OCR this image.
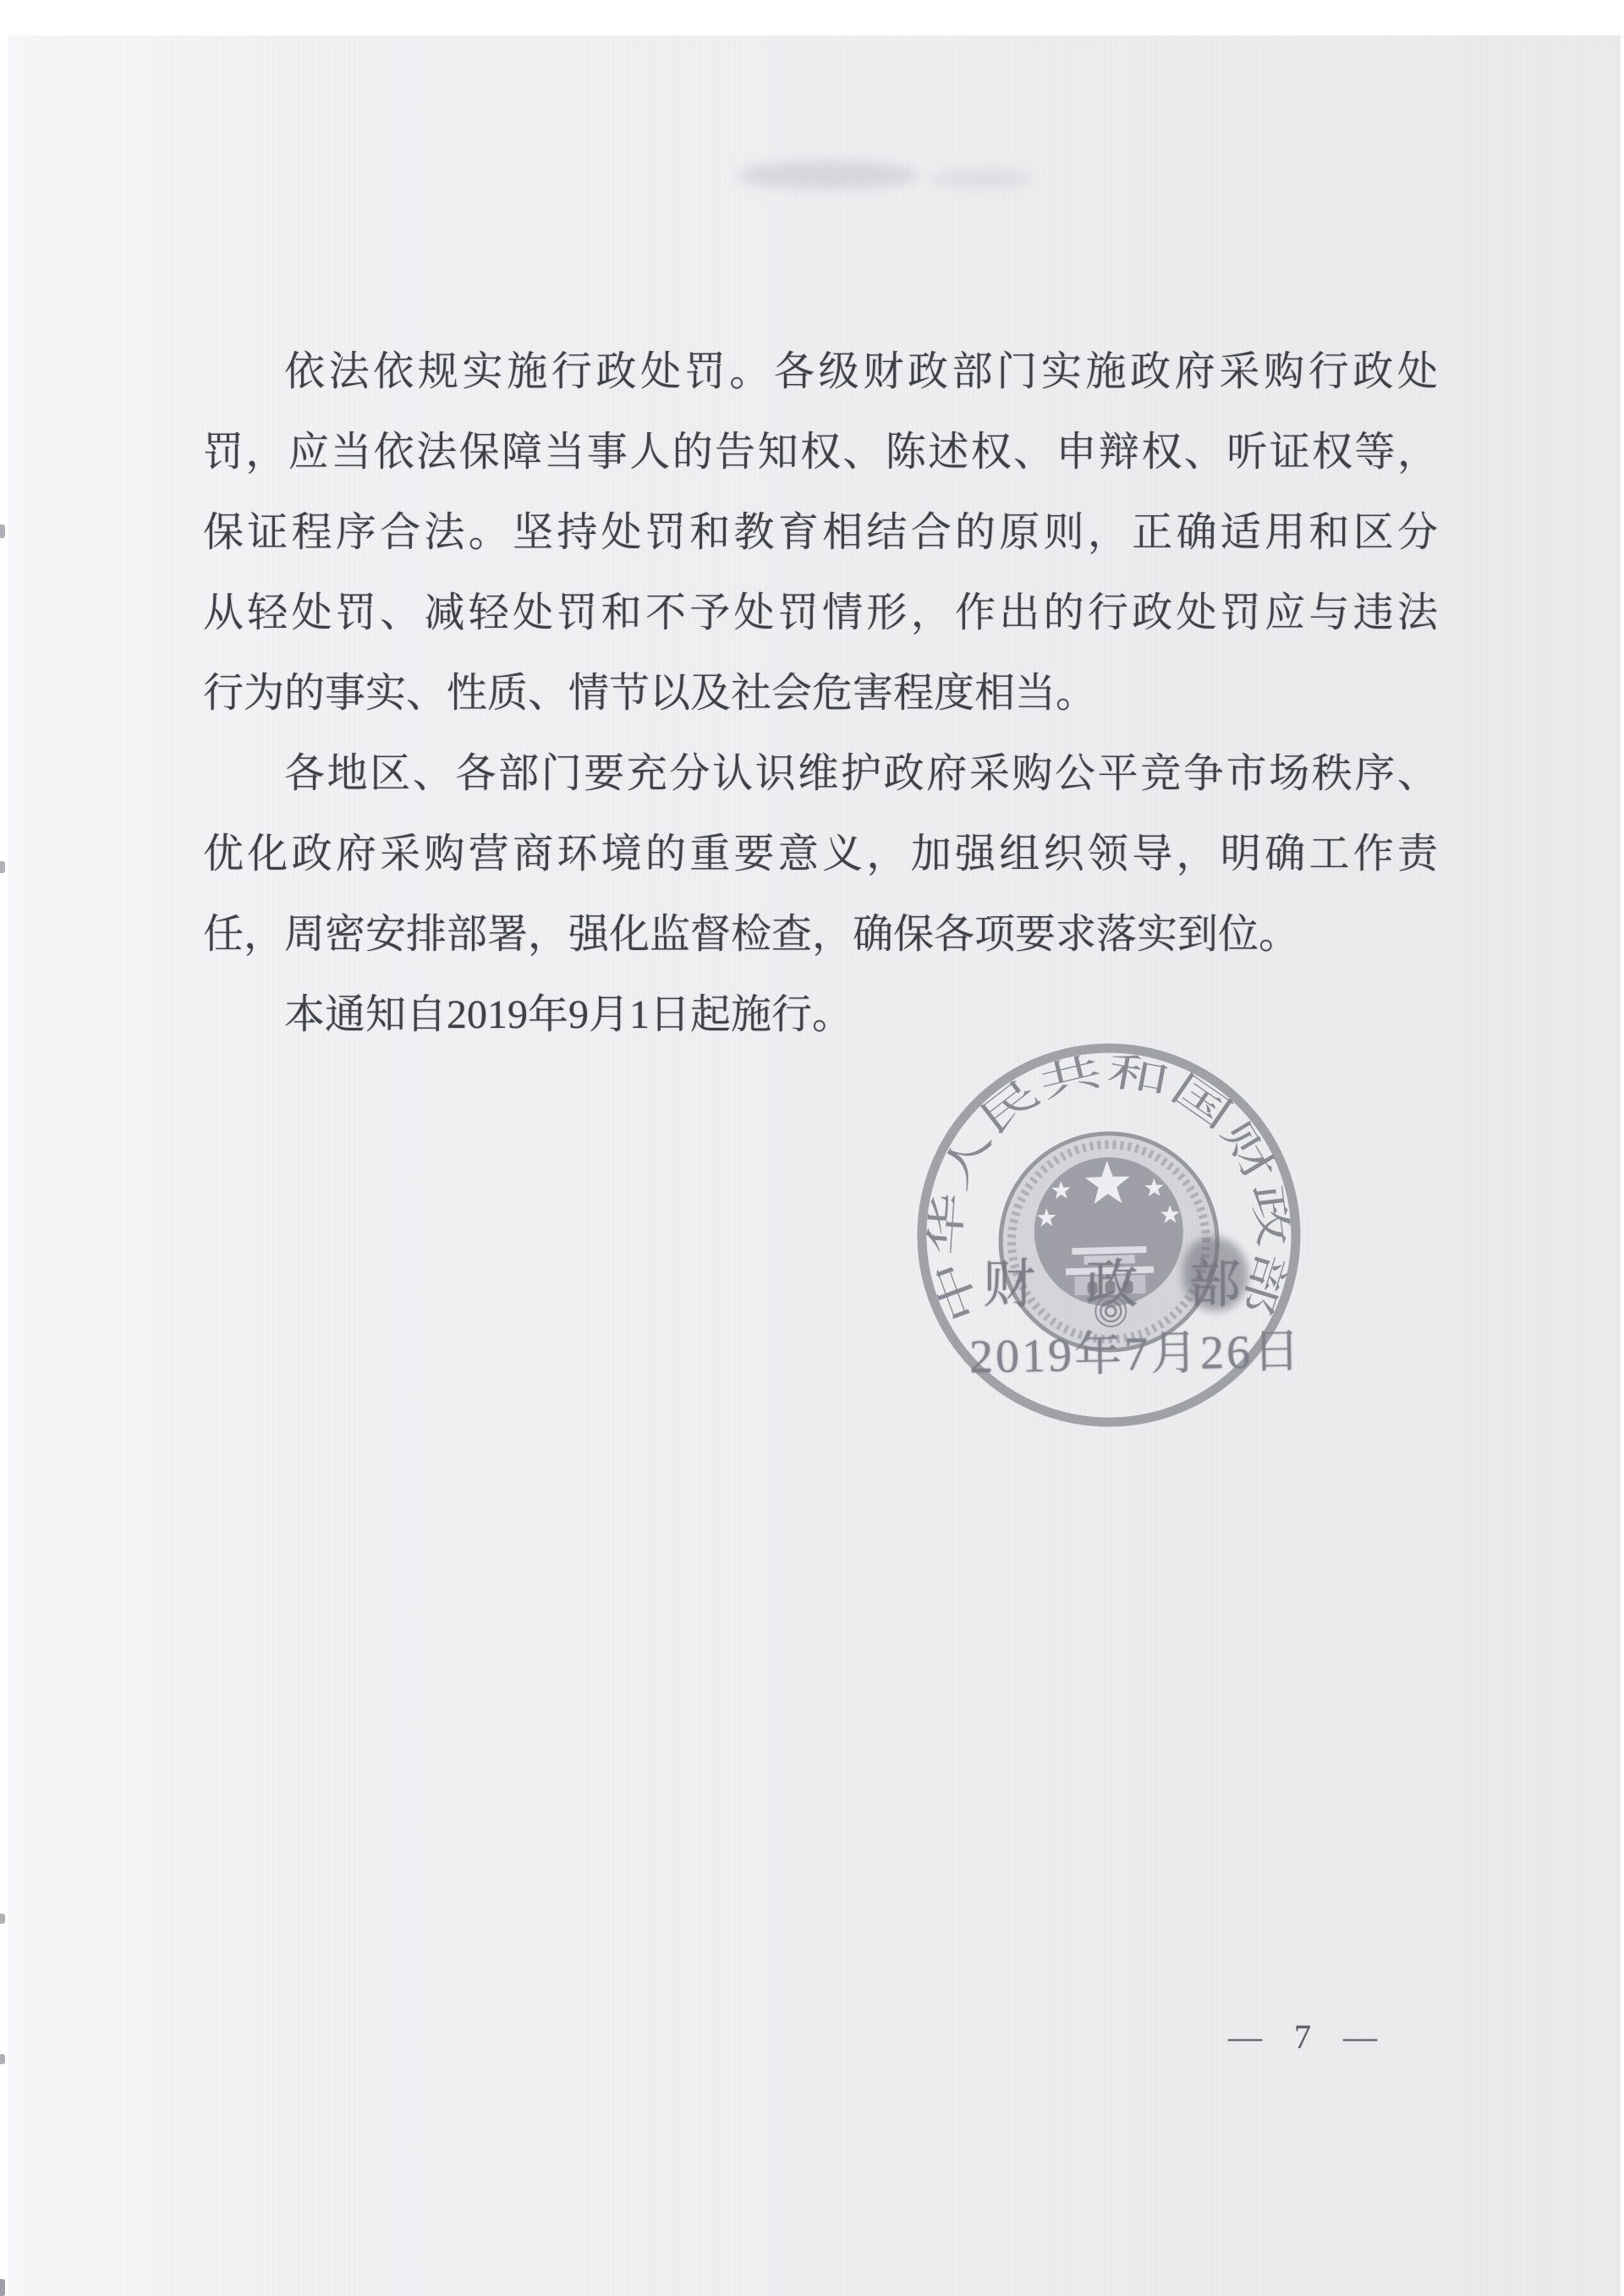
依法依规实施行政处罚。各级财政部门实施政府采购行政处
罚，应当依法保障当事人的告知权、陈述权、申辩权、听证权等，
保证程序合法。坚持处罚和教育相结合的原则，正确适用和区分
从轻处罚、减轻处罚和不予处罚情形，作出的行政处罚应与违法
行为的事实、性质、情节以及社会危害程度相当。
各地区、各部门要充分认识维护政府采购公平竞争市场秩序、
优化政府采购营商环境的重要意义，加强组织领导，明确工作责
任，周密安排部署，强化监督检查，确保各项要求落实到位。
本通知自2019年9月1日起施行。
中华人民共和国财政部
财 政 部
2019年7月26日
— 7 —
